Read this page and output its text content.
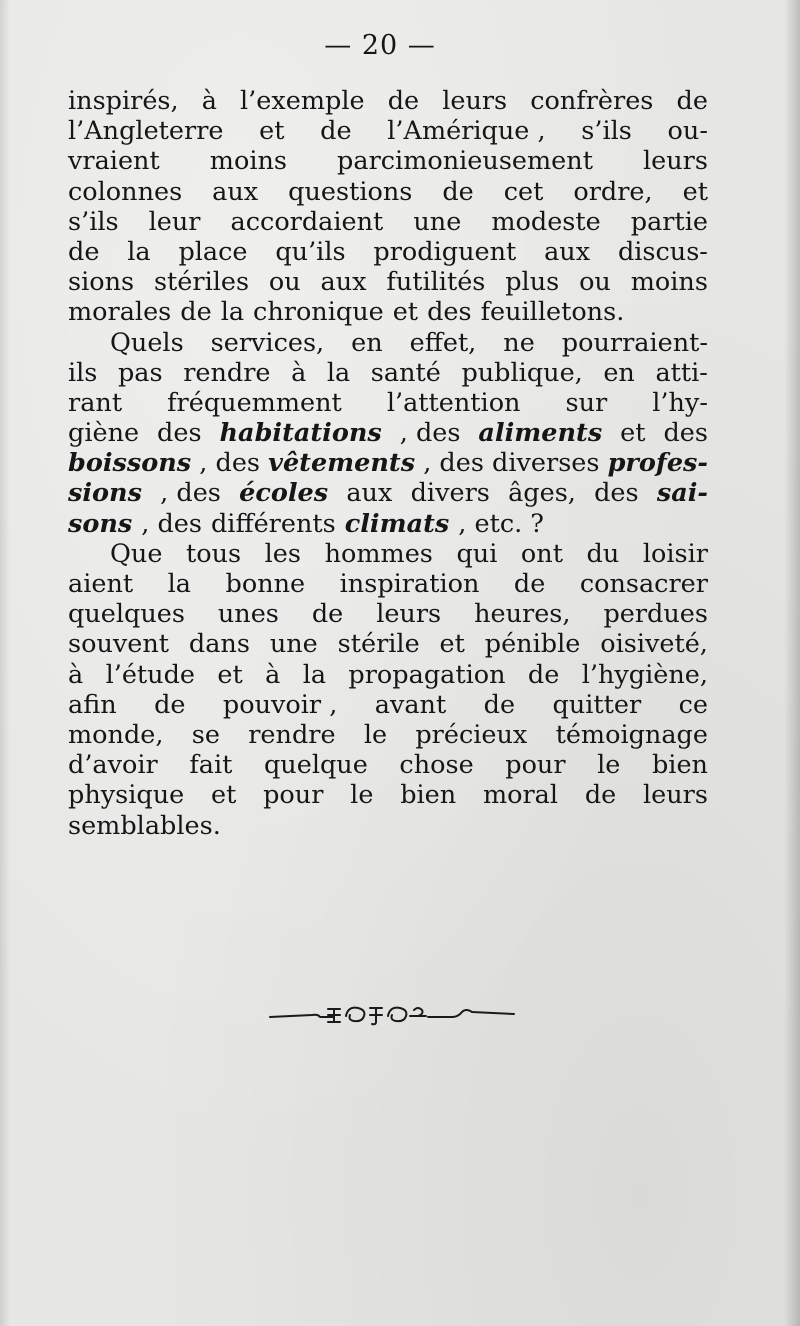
— 20 —
inspirés, à l’exemple de leurs confrères de
l’Angleterre et de l’Amérique , s’ils ou-
vraient moins parcimonieusement leurs
colonnes aux questions de cet ordre, et
s’ils leur accordaient une modeste partie
de la place qu’ils prodiguent aux discus-
sions stériles ou aux futilités plus ou moins
morales de la chronique et des feuilletons.
Quels services, en effet, ne pourraient-
ils pas rendre à la santé publique, en atti-
rant fréquemment l’attention sur l’hy-
giène des habitations , des aliments et des
boissons , des vêtements , des diverses profes-
sions , des écoles aux divers âges, des sai-
sons , des différents climats , etc. ?
Que tous les hommes qui ont du loisir
aient la bonne inspiration de consacrer
quelques unes de leurs heures, perdues
souvent dans une stérile et pénible oisiveté,
à l’étude et à la propagation de l’hygiène,
afin de pouvoir , avant de quitter ce
monde, se rendre le précieux témoignage
d’avoir fait quelque chose pour le bien
physique et pour le bien moral de leurs
semblables.
